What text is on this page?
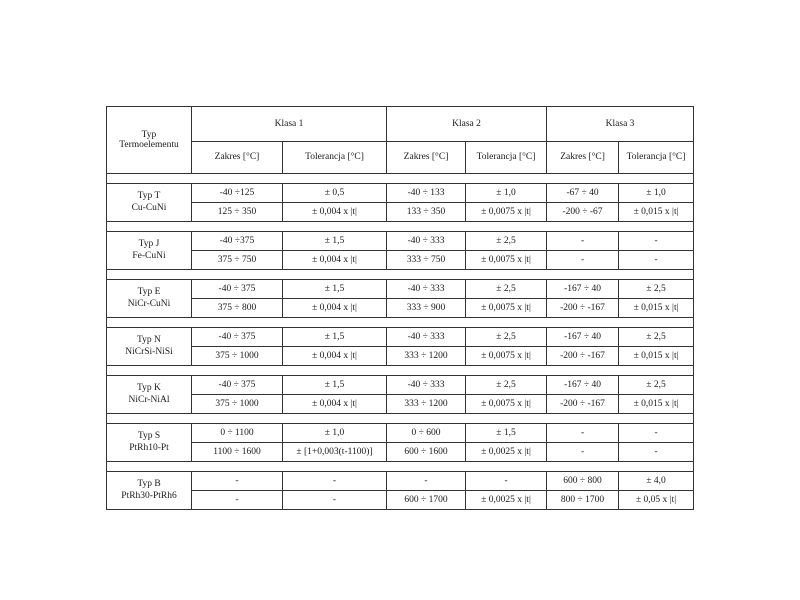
Typ
Termoelementu	Klasa 1		Klasa 2		Klasa 3	
	Zakres [°C]	Tolerancja [°C]	Zakres [°C]	Tolerancja [°C]	Zakres [°C]	Tolerancja [°C]

Typ T
Cu-CuNi	-40 ÷125	± 0,5	-40 ÷ 133	± 1,0	-67 ÷ 40	± 1,0
	125 ÷ 350	± 0,004 x |t|	133 ÷ 350	± 0,0075 x |t|	-200 ÷ -67	± 0,015 x |t|

Typ J
Fe-CuNi	-40 ÷375	± 1,5	-40 ÷ 333	± 2,5	-	-
	375 ÷ 750	± 0,004 x |t|	333 ÷ 750	± 0,0075 x |t|	-	-

Typ E
NiCr-CuNi	-40 ÷ 375	± 1,5	-40 ÷ 333	± 2,5	-167 ÷ 40	± 2,5
	375 ÷ 800	± 0,004 x |t|	333 ÷ 900	± 0,0075 x |t|	-200 ÷ -167	± 0,015 x |t|

Typ N
NiCrSi-NiSi	-40 ÷ 375	± 1,5	-40 ÷ 333	± 2,5	-167 ÷ 40	± 2,5
	375 ÷ 1000	± 0,004 x |t|	333 ÷ 1200	± 0,0075 x |t|	-200 ÷ -167	± 0,015 x |t|

Typ K
NiCr-NiAl	-40 ÷ 375	± 1,5	-40 ÷ 333	± 2,5	-167 ÷ 40	± 2,5
	375 ÷ 1000	± 0,004 x |t|	333 ÷ 1200	± 0,0075 x |t|	-200 ÷ -167	± 0,015 x |t|

Typ S
PtRh10-Pt	0 ÷ 1100	± 1,0	0 ÷ 600	± 1,5	-	-
	1100 ÷ 1600	± [1+0,003(t-1100)]	600 ÷ 1600	± 0,0025 x |t|	-	-

Typ B
PtRh30-PtRh6	-	-	-	-	600 ÷ 800	± 4,0
	-	-	600 ÷ 1700	± 0,0025 x |t|	800 ÷ 1700	± 0,05 x |t|
